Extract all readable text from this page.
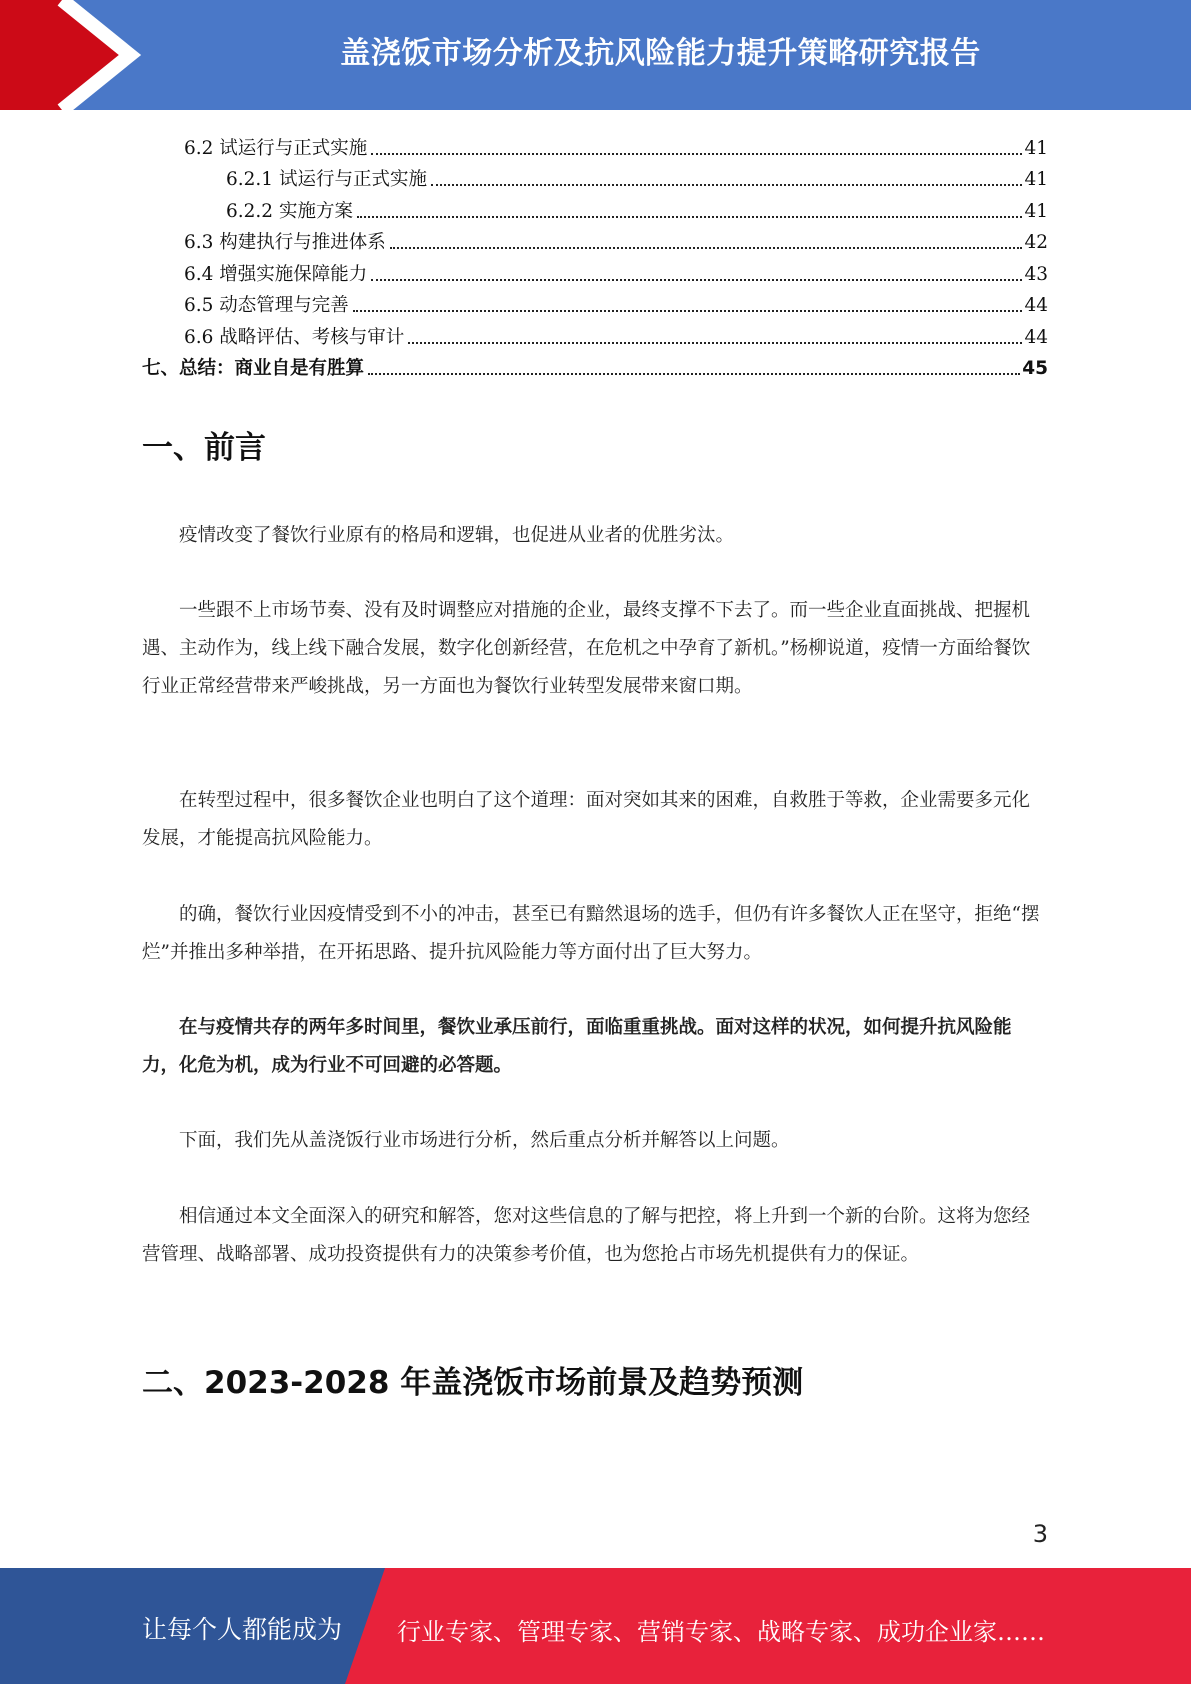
盖浇饭市场分析及抗风险能力提升策略研究报告
6.2 试运行与正式实施	41
6.2.1 试运行与正式实施	41
6.2.2 实施方案	41
6.3 构建执行与推进体系	42
6.4 增强实施保障能力	43
6.5 动态管理与完善	44
6.6 战略评估、考核与审计	44
七、总结：商业自是有胜算	45
一、前言
疫情改变了餐饮行业原有的格局和逻辑，也促进从业者的优胜劣汰。
一些跟不上市场节奏、没有及时调整应对措施的企业，最终支撑不下去了。而一些企业直面挑战、把握机遇、主动作为，线上线下融合发展，数字化创新经营，在危机之中孕育了新机。”杨柳说道，疫情一方面给餐饮行业正常经营带来严峻挑战，另一方面也为餐饮行业转型发展带来窗口期。
在转型过程中，很多餐饮企业也明白了这个道理：面对突如其来的困难，自救胜于等救，企业需要多元化发展，才能提高抗风险能力。
的确，餐饮行业因疫情受到不小的冲击，甚至已有黯然退场的选手，但仍有许多餐饮人正在坚守，拒绝“摆烂”并推出多种举措，在开拓思路、提升抗风险能力等方面付出了巨大努力。
在与疫情共存的两年多时间里，餐饮业承压前行，面临重重挑战。面对这样的状况，如何提升抗风险能力，化危为机，成为行业不可回避的必答题。
下面，我们先从盖浇饭行业市场进行分析，然后重点分析并解答以上问题。
相信通过本文全面深入的研究和解答，您对这些信息的了解与把控，将上升到一个新的台阶。这将为您经营管理、战略部署、成功投资提供有力的决策参考价值，也为您抢占市场先机提供有力的保证。
二、2023-2028 年盖浇饭市场前景及趋势预测
3
让每个人都能成为 行业专家、管理专家、营销专家、战略专家、成功企业家……
